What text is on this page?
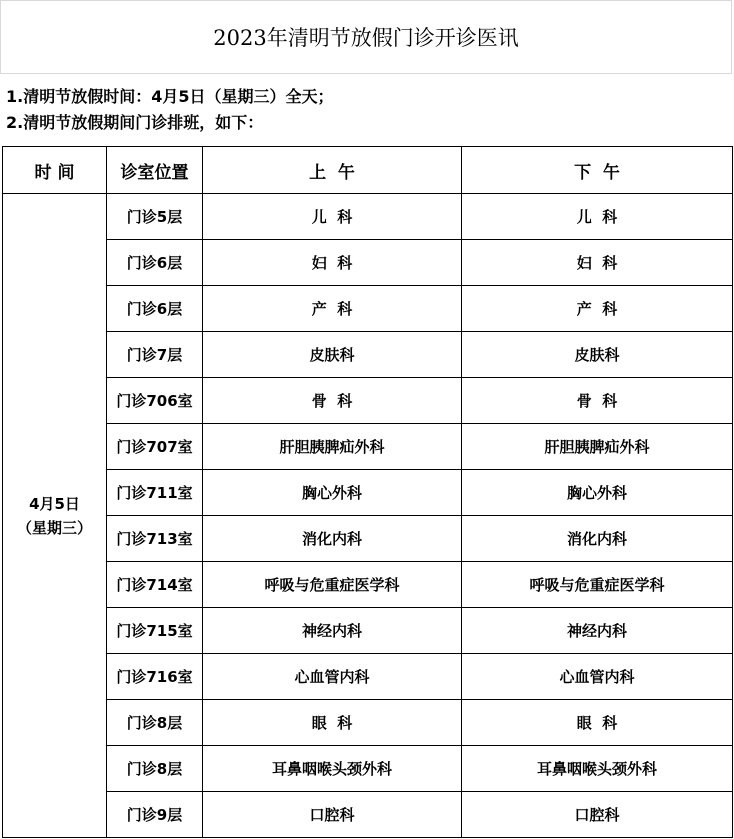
2023年清明节放假门诊开诊医讯
1.清明节放假时间：4月5日（星期三）全天；
2.清明节放假期间门诊排班，如下：
时 间	诊室位置	上  午	下  午

4月5日
（星期三）	门诊5层	儿  科	儿  科
	门诊6层	妇  科	妇  科
	门诊6层	产  科	产  科
	门诊7层	皮肤科	皮肤科
	门诊706室	骨  科	骨  科
	门诊707室	肝胆胰脾疝外科	肝胆胰脾疝外科
	门诊711室	胸心外科	胸心外科
	门诊713室	消化内科	消化内科
	门诊714室	呼吸与危重症医学科	呼吸与危重症医学科
	门诊715室	神经内科	神经内科
	门诊716室	心血管内科	心血管内科
	门诊8层	眼  科	眼  科
	门诊8层	耳鼻咽喉头颈外科	耳鼻咽喉头颈外科
	门诊9层	口腔科	口腔科
